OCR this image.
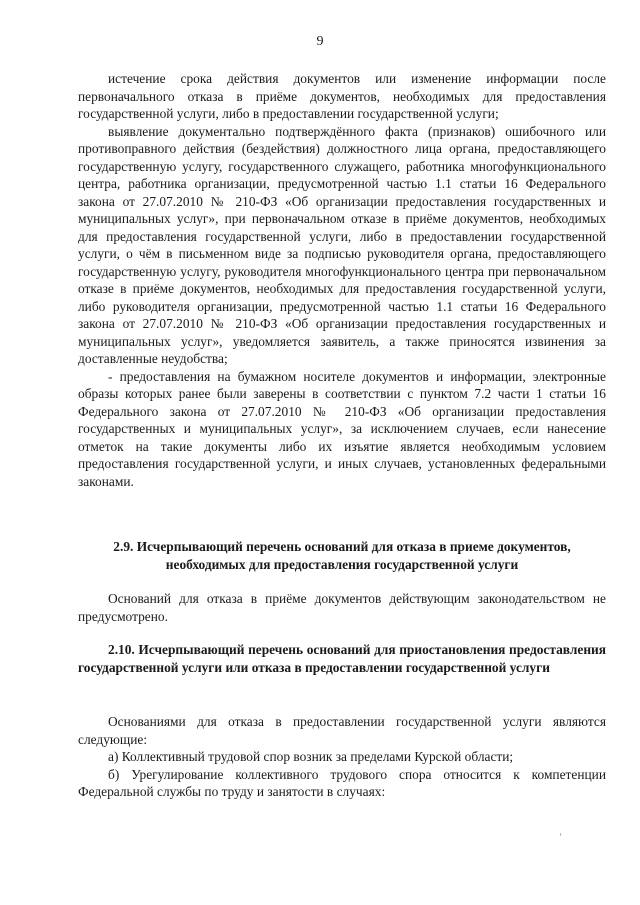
9

истечение срока действия документов или изменение информации после первоначального отказа в приёме документов, необходимых для предоставления государственной услуги, либо в предоставлении государственной услуги;

выявление документально подтверждённого факта (признаков) ошибочного или противоправного действия (бездействия) должностного лица органа, предоставляющего государственную услугу, государственного служащего, работника многофункционального центра, работника организации, предусмотренной частью 1.1 статьи 16 Федерального закона от 27.07.2010 № 210-ФЗ «Об организации предоставления государственных и муниципальных услуг», при первоначальном отказе в приёме документов, необходимых для предоставления государственной услуги, либо в предоставлении государственной услуги, о чём в письменном виде за подписью руководителя органа, предоставляющего государственную услугу, руководителя многофункционального центра при первоначальном отказе в приёме документов, необходимых для предоставления государственной услуги, либо руководителя организации, предусмотренной частью 1.1 статьи 16 Федерального закона от 27.07.2010 № 210-ФЗ «Об организации предоставления государственных и муниципальных услуг», уведомляется заявитель, а также приносятся извинения за доставленные неудобства;

- предоставления на бумажном носителе документов и информации, электронные образы которых ранее были заверены в соответствии с пунктом 7.2 части 1 статьи 16 Федерального закона от 27.07.2010 № 210-ФЗ «Об организации предоставления государственных и муниципальных услуг», за исключением случаев, если нанесение отметок на такие документы либо их изъятие является необходимым условием предоставления государственной услуги, и иных случаев, установленных федеральными законами.

2.9. Исчерпывающий перечень оснований для отказа в приеме документов, необходимых для предоставления государственной услуги

Оснований для отказа в приёме документов действующим законодательством не предусмотрено.

2.10. Исчерпывающий перечень оснований для приостановления предоставления государственной услуги или отказа в предоставлении государственной услуги

Основаниями для отказа в предоставлении государственной услуги являются следующие:

а) Коллективный трудовой спор возник за пределами Курской области;

б) Урегулирование коллективного трудового спора относится к компетенции Федеральной службы по труду и занятости в случаях:
